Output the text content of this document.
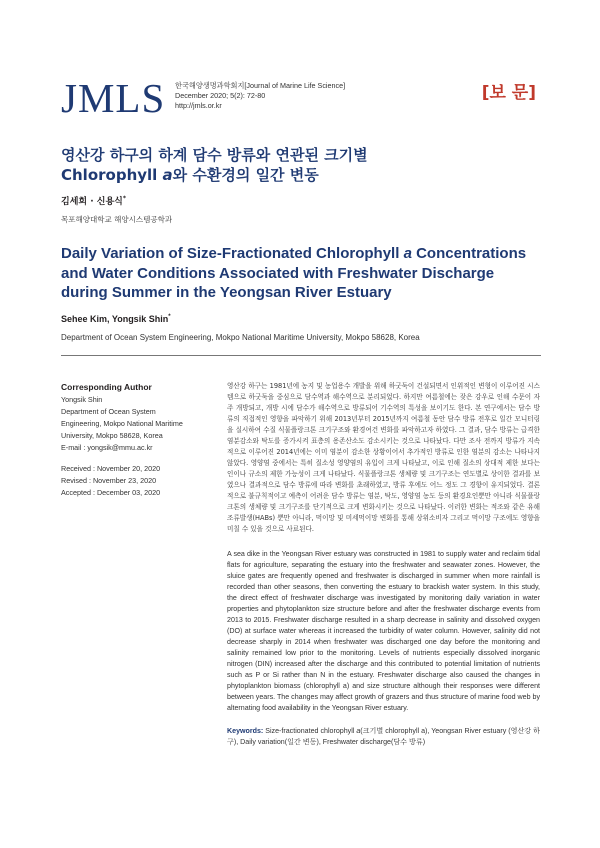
JMLS 한국해양생명과학회지[Journal of Marine Life Science]
December 2020; 5(2): 72-80
http://jmls.or.kr
[보 문]
영산강 하구의 하계 담수 방류와 연관된 크기별
Chlorophyll a와 수환경의 일간 변동
김세희 · 신용식*
목포해양대학교 해양시스템공학과
Daily Variation of Size-Fractionated Chlorophyll a Concentrations
and Water Conditions Associated with Freshwater Discharge
during Summer in the Yeongsan River Estuary
Sehee Kim, Yongsik Shin*
Department of Ocean System Engineering, Mokpo National Maritime University, Mokpo 58628, Korea
Corresponding Author
Yongsik Shin
Department of Ocean System
Engineering, Mokpo National Maritime
University, Mokpo 58628, Korea
E-mail : yongsik@mmu.ac.kr
Received : November 20, 2020
Revised : November 23, 2020
Accepted : December 03, 2020
영산강 하구는 1981년에 농지 및 농업용수 개발을 위해 하굿둑이 건설되면서 인위적인 변형이 이루어진 시스템으로 하굿둑을 중심으로 담수역과 해수역으로 분리되었다. 하지만 여름철에는 잦은 강우로 인해 수문이 자주 개방되고, 개방 시에 담수가 해수역으로 방류되어 기수역의 특성을 보이기도 한다. 본 연구에서는 담수 방류의 직접적인 영향을 파악하기 위해 2013년부터 2015년까지 여름철 동안 담수 방류 전후로 일간 모니터링을 실시하여 수질 식물플랑크톤 크기구조와 환경여건 변화를 파악하고자 하였다. 그 결과, 담수 방류는 급격한 염분감소와 탁도를 증가시켜 표층의 용존산소도 감소시키는 것으로 나타났다. 다만 조사 전까지 방류가 지속적으로 이루어진 2014년에는 이미 염분이 감소한 상황이어서 추가적인 방류로 인한 염분의 감소는 나타나지 않았다. 영양염 중에서는 특히 질소성 영양염의 유입이 크게 나타났고, 이로 인해 질소의 상대적 제한 보다는 인이나 규소의 제한 가능성이 크게 나타났다. 식물플랑크톤 생체량 및 크기구조는 연도별로 상이한 결과를 보였으나 결과적으로 담수 방류에 따라 변화를 초래하였고, 방류 후에도 어느 정도 그 경향이 유지되었다. 결론적으로 불규칙적이고 예측이 어려운 담수 방류는 염분, 탁도, 영양염 농도 등의 환경요인뿐만 아니라 식물플랑크톤의 생체량 및 크기구조를 단기적으로 크게 변화시키는 것으로 나타났다. 이러한 변화는 적조와 같은 유해조류발생(HABs) 뿐만 아니라, 먹이망 및 미세먹이망 변화를 통해 상위소비자 그리고 먹이망 구조에도 영향을 미칠 수 있을 것으로 사료된다.
A sea dike in the Yeongsan River estuary was constructed in 1981 to supply water and reclaim tidal flats for agriculture, separating the estuary into the freshwater and seawater zones. However, the sluice gates are frequently opened and freshwater is discharged in summer when more rainfall is recorded than other seasons, then converting the estuary to brackish water system. In this study, the direct effect of freshwater discharge was investigated by monitoring daily variation in water properties and phytoplankton size structure before and after the freshwater discharge events from 2013 to 2015. Freshwater discharge resulted in a sharp decrease in salinity and dissolved oxygen (DO) at surface water whereas it increased the turbidity of water column. However, salinity did not decrease sharply in 2014 when freshwater was discharged one day before the monitoring and salinity remained low prior to the monitoring. Levels of nutrients especially dissolved inorganic nitrogen (DIN) increased after the discharge and this contributed to potential limitation of nutrients such as P or Si rather than N in the estuary. Freshwater discharge also caused the changes in phytoplankton biomass (chlorophyll a) and size structure although their responses were different between years. The changes may affect growth of grazers and thus structure of marine food web by alternating food availability in the Yeongsan River estuary.
Keywords: Size-fractionated chlorophyll a(크기별 chlorophyll a), Yeongsan River estuary (영산강 하구), Daily variation(일간 변동), Freshwater discharge(담수 방류)
